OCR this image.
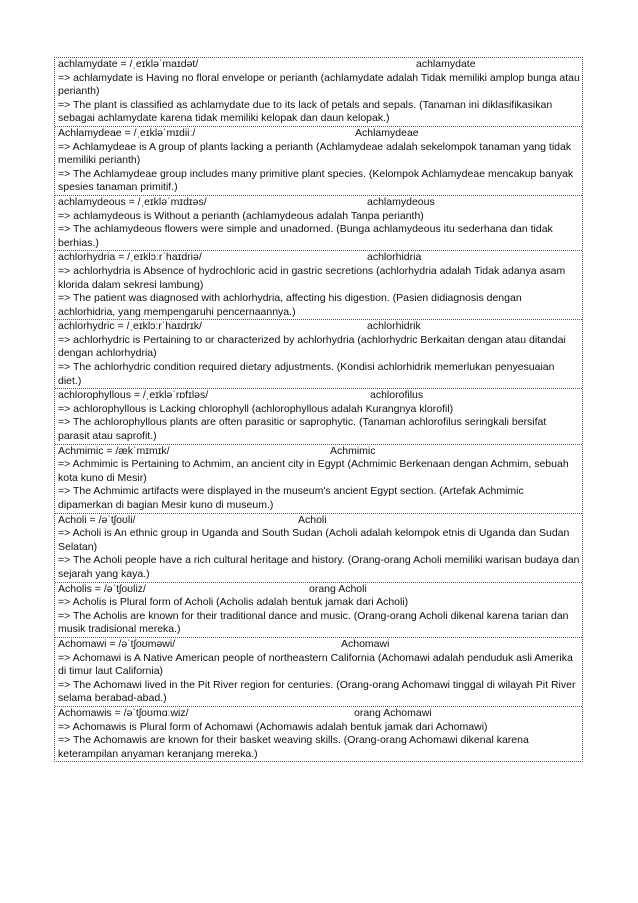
achlamydate = /ˌeɪkləˈmaɪdət/	achlamydate
=> achlamydate is Having no floral envelope or perianth (achlamydate adalah Tidak memiliki amplop bunga atau perianth)
=> The plant is classified as achlamydate due to its lack of petals and sepals. (Tanaman ini diklasifikasikan sebagai achlamydate karena tidak memiliki kelopak dan daun kelopak.)
Achlamydeae = /ˌeɪkləˈmɪdiiː/	Achlamydeae
=> Achlamydeae is A group of plants lacking a perianth (Achlamydeae adalah sekelompok tanaman yang tidak memiliki perianth)
=> The Achlamydeae group includes many primitive plant species. (Kelompok Achlamydeae mencakup banyak spesies tanaman primitif.)
achlamydeous = /ˌeɪkləˈmɪdɪəs/	achlamydeous
=> achlamydeous is Without a perianth (achlamydeous adalah Tanpa perianth)
=> The achlamydeous flowers were simple and unadorned. (Bunga achlamydeous itu sederhana dan tidak berhias.)
achlorhydria = /ˌeɪklɔːrˈhaɪdriə/	achlorhidria
=> achlorhydria is Absence of hydrochloric acid in gastric secretions (achlorhydria adalah Tidak adanya asam klorida dalam sekresi lambung)
=> The patient was diagnosed with achlorhydria, affecting his digestion. (Pasien didiagnosis dengan achlorhidria, yang mempengaruhi pencernaannya.)
achlorhydric = /ˌeɪklɔːrˈhaɪdrɪk/	achlorhidrik
=> achlorhydric is Pertaining to or characterized by achlorhydria (achlorhydric Berkaitan dengan atau ditandai dengan achlorhydria)
=> The achlorhydric condition required dietary adjustments. (Kondisi achlorhidrik memerlukan penyesuaian diet.)
achlorophyllous = /ˌeɪkləˈrɒfɪləs/	achlorofilus
=> achlorophyllous is Lacking chlorophyll (achlorophyllous adalah Kurangnya klorofil)
=> The achlorophyllous plants are often parasitic or saprophytic. (Tanaman achlorofilus seringkali bersifat parasit atau saprofit.)
Achmimic = /ækˈmɪmɪk/	Achmimic
=> Achmimic is Pertaining to Achmim, an ancient city in Egypt (Achmimic Berkenaan dengan Achmim, sebuah kota kuno di Mesir)
=> The Achmimic artifacts were displayed in the museum's ancient Egypt section. (Artefak Achmimic dipamerkan di bagian Mesir kuno di museum.)
Acholi = /əˈtʃoʊli/	Acholi
=> Acholi is An ethnic group in Uganda and South Sudan (Acholi adalah kelompok etnis di Uganda dan Sudan Selatan)
=> The Acholi people have a rich cultural heritage and history. (Orang-orang Acholi memiliki warisan budaya dan sejarah yang kaya.)
Acholis = /əˈtʃoʊliz/	orang Acholi
=> Acholis is Plural form of Acholi (Acholis adalah bentuk jamak dari Acholi)
=> The Acholis are known for their traditional dance and music. (Orang-orang Acholi dikenal karena tarian dan musik tradisional mereka.)
Achomawi = /əˈtʃoʊməwi/	Achomawi
=> Achomawi is A Native American people of northeastern California (Achomawi adalah penduduk asli Amerika di timur laut California)
=> The Achomawi lived in the Pit River region for centuries. (Orang-orang Achomawi tinggal di wilayah Pit River selama berabad-abad.)
Achomawis = /əˈtʃoʊmɑːwiz/	orang Achomawi
=> Achomawis is Plural form of Achomawi (Achomawis adalah bentuk jamak dari Achomawi)
=> The Achomawis are known for their basket weaving skills. (Orang-orang Achomawi dikenal karena keterampilan anyaman keranjang mereka.)
